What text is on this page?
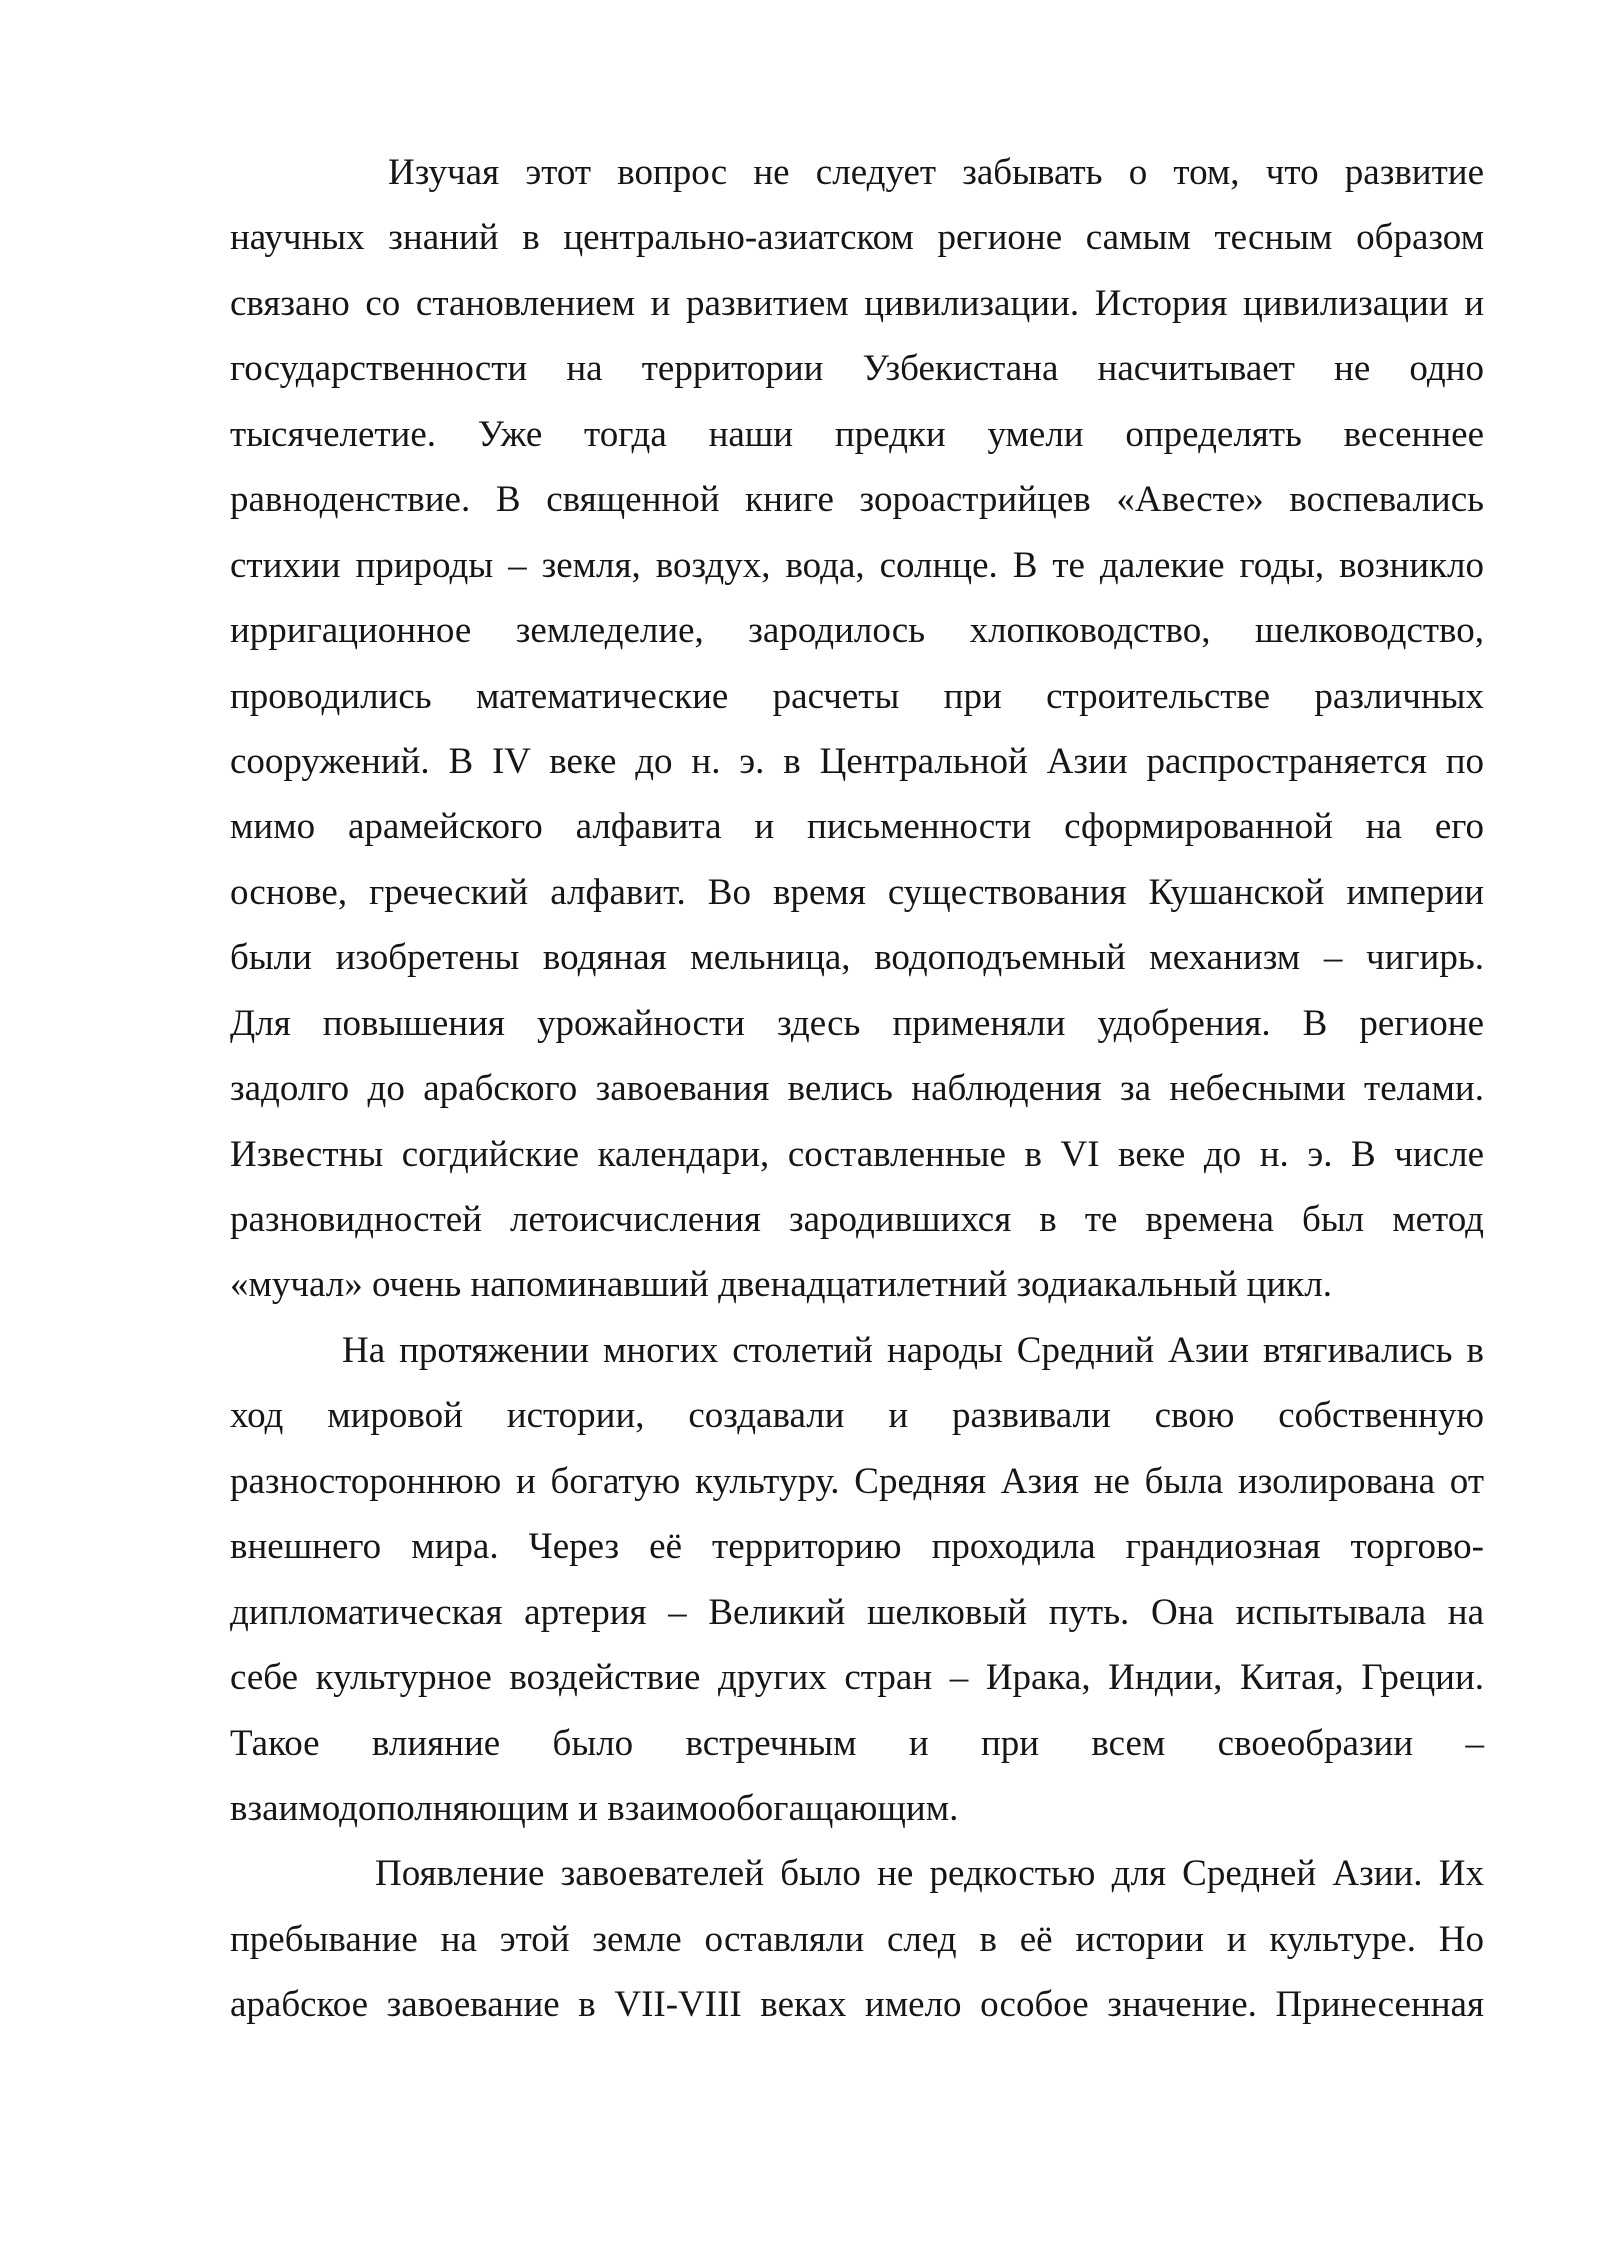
Изучая этот вопрос не следует забывать о том, что развитие
научных знаний в центрально-азиатском регионе самым тесным образом
связано со становлением и развитием цивилизации. История цивилизации и
государственности на территории Узбекистана насчитывает не одно
тысячелетие. Уже тогда наши предки умели определять весеннее
равноденствие. В священной книге зороастрийцев «Авесте» воспевались
стихии природы – земля, воздух, вода, солнце. В те далекие годы, возникло
ирригационное земледелие, зародилось хлопководство, шелководство,
проводились математические расчеты при строительстве различных
сооружений. В IV веке до н. э. в Центральной Азии распространяется по
мимо арамейского алфавита и письменности сформированной на его
основе, греческий алфавит. Во время существования Кушанской империи
были изобретены водяная мельница, водоподъемный механизм – чигирь.
Для повышения урожайности здесь применяли удобрения. В регионе
задолго до арабского завоевания велись наблюдения за небесными телами.
Известны согдийские календари, составленные в VI веке до н. э. В числе
разновидностей летоисчисления зародившихся в те времена был метод
«мучал» очень напоминавший двенадцатилетний зодиакальный цикл.
На протяжении многих столетий народы Средний Азии втягивались в
ход мировой истории, создавали и развивали свою собственную
разностороннюю и богатую культуру. Средняя Азия не была изолирована от
внешнего мира. Через её территорию проходила грандиозная торгово-
дипломатическая артерия – Великий шелковый путь. Она испытывала на
себе культурное воздействие других стран – Ирака, Индии, Китая, Греции.
Такое влияние было встречным и при всем своеобразии –
взаимодополняющим и взаимообогащающим.
Появление завоевателей было не редкостью для Средней Азии. Их
пребывание на этой земле оставляли след в её истории и культуре. Но
арабское завоевание в VII-VIII веках имело особое значение. Принесенная
